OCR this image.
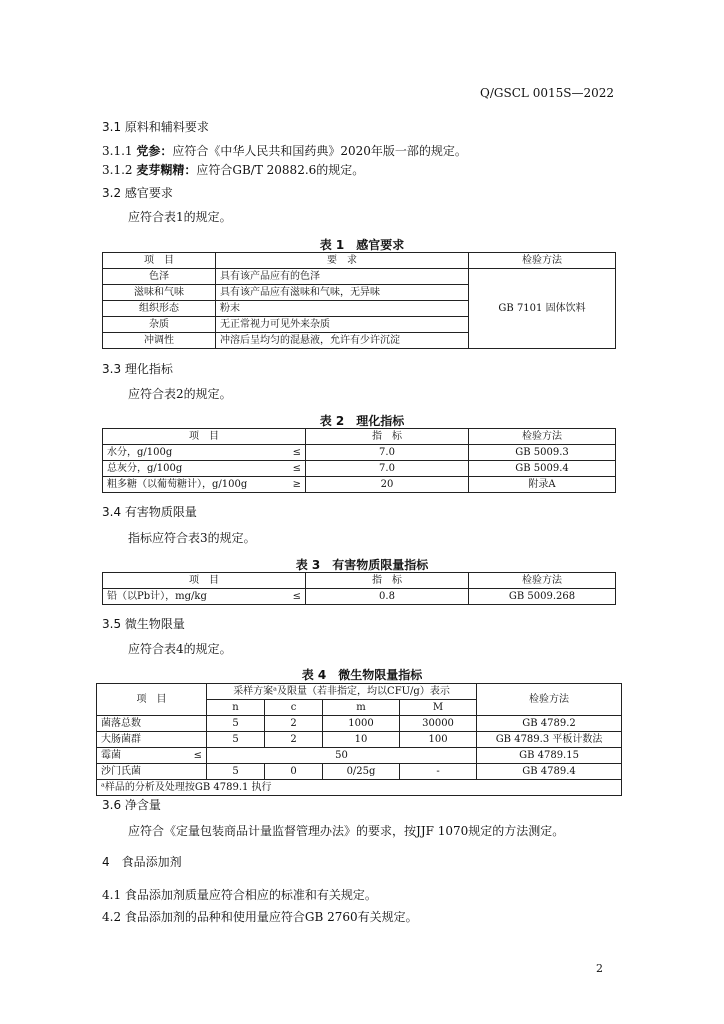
Q/GSCL 0015S—2022
3.1 原料和辅料要求
3.1.1 党参：应符合《中华人民共和国药典》2020年版一部的规定。
3.1.2 麦芽糊精：应符合GB/T 20882.6的规定。
3.2 感官要求
应符合表1的规定。
表 1　感官要求
项　目	要　求	检验方法
色泽	具有该产品应有的色泽	GB 7101 固体饮料
滋味和气味	具有该产品应有滋味和气味，无异味	
组织形态	粉末	
杂质	无正常视力可见外来杂质	
冲调性	冲溶后呈均匀的混悬液，允许有少许沉淀	
3.3 理化指标
应符合表2的规定。
表 2　理化指标
项　目		指　标	检验方法
水分，g/100g	≤	7.0	GB 5009.3
总灰分，g/100g	≤	7.0	GB 5009.4
粗多糖（以葡萄糖计），g/100g	≥	20	附录A
3.4 有害物质限量
指标应符合表3的规定。
表 3　有害物质限量指标
项　目		指　标	检验方法
铅（以Pb计），mg/kg	≤	0.8	GB 5009.268
3.5 微生物限量
应符合表4的规定。
表 4　微生物限量指标
项　目		采样方案ᵃ及限量（若非指定，均以CFU/g）表示				检验方法
		n	c	m	M	
菌落总数		5	2	1000	30000	GB 4789.2
大肠菌群		5	2	10	100	GB 4789.3 平板计数法
霉菌	≤	50				GB 4789.15
沙门氏菌		5	0	0/25g	-	GB 4789.4
ᵃ样品的分析及处理按GB 4789.1 执行						
3.6 净含量
应符合《定量包装商品计量监督管理办法》的要求，按JJF 1070规定的方法测定。
4　食品添加剂
4.1 食品添加剂质量应符合相应的标准和有关规定。
4.2 食品添加剂的品种和使用量应符合GB 2760有关规定。
2
